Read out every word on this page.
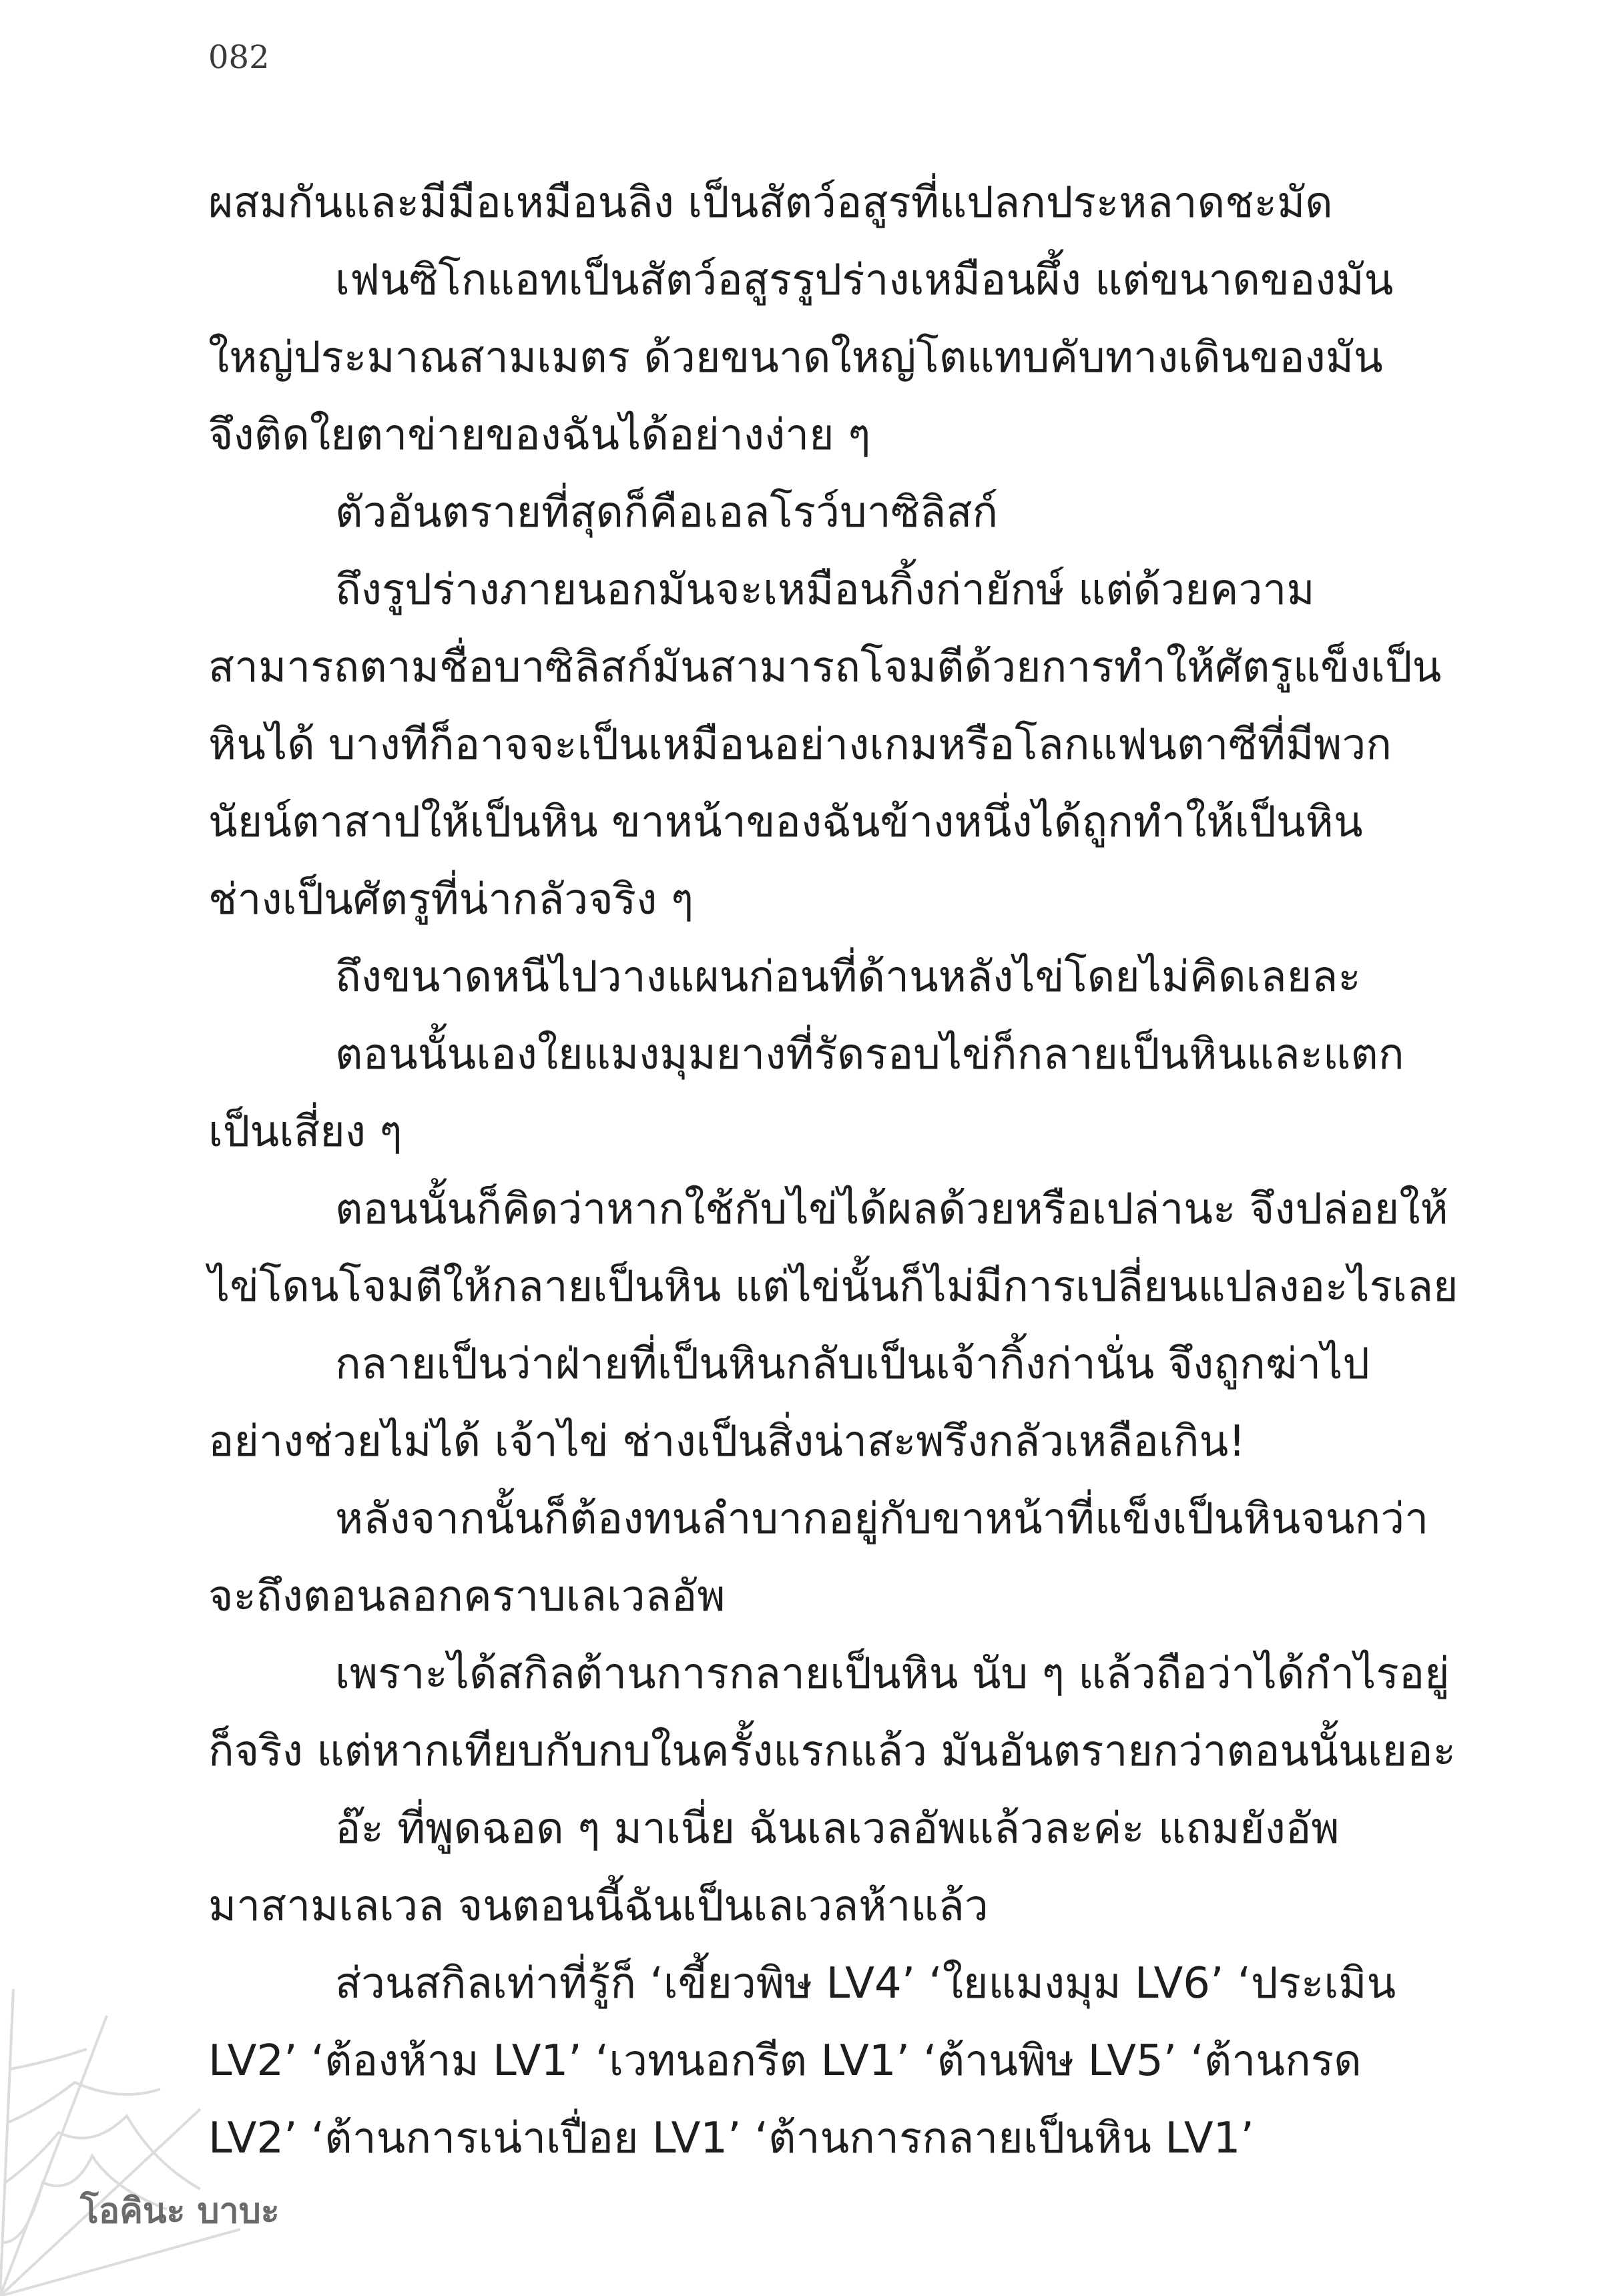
082
ผสมกันและมีมือเหมือนลิง เป็นสัตว์อสูรที่แปลกประหลาดชะมัด
เฟนซิโกแอทเป็นสัตว์อสูรรูปร่างเหมือนผึ้ง แต่ขนาดของมัน
ใหญ่ประมาณสามเมตร ด้วยขนาดใหญ่โตแทบคับทางเดินของมัน
จึงติดใยตาข่ายของฉันได้อย่างง่าย ๆ
ตัวอันตรายที่สุดก็คือเอลโรว์บาซิลิสก์
ถึงรูปร่างภายนอกมันจะเหมือนกิ้งก่ายักษ์ แต่ด้วยความ
สามารถตามชื่อบาซิลิสก์มันสามารถโจมตีด้วยการทำให้ศัตรูแข็งเป็น
หินได้ บางทีก็อาจจะเป็นเหมือนอย่างเกมหรือโลกแฟนตาซีที่มีพวก
นัยน์ตาสาปให้เป็นหิน ขาหน้าของฉันข้างหนึ่งได้ถูกทำให้เป็นหิน
ช่างเป็นศัตรูที่น่ากลัวจริง ๆ
ถึงขนาดหนีไปวางแผนก่อนที่ด้านหลังไข่โดยไม่คิดเลยละ
ตอนนั้นเองใยแมงมุมยางที่รัดรอบไข่ก็กลายเป็นหินและแตก
เป็นเสี่ยง ๆ
ตอนนั้นก็คิดว่าหากใช้กับไข่ได้ผลด้วยหรือเปล่านะ จึงปล่อยให้
ไข่โดนโจมตีให้กลายเป็นหิน แต่ไข่นั้นก็ไม่มีการเปลี่ยนแปลงอะไรเลย
กลายเป็นว่าฝ่ายที่เป็นหินกลับเป็นเจ้ากิ้งก่านั่น จึงถูกฆ่าไป
อย่างช่วยไม่ได้ เจ้าไข่ ช่างเป็นสิ่งน่าสะพรึงกลัวเหลือเกิน!
หลังจากนั้นก็ต้องทนลำบากอยู่กับขาหน้าที่แข็งเป็นหินจนกว่า
จะถึงตอนลอกคราบเลเวลอัพ
เพราะได้สกิลต้านการกลายเป็นหิน นับ ๆ แล้วถือว่าได้กำไรอยู่
ก็จริง แต่หากเทียบกับกบในครั้งแรกแล้ว มันอันตรายกว่าตอนนั้นเยอะ
อ๊ะ ที่พูดฉอด ๆ มาเนี่ย ฉันเลเวลอัพแล้วละค่ะ แถมยังอัพ
มาสามเลเวล จนตอนนี้ฉันเป็นเลเวลห้าแล้ว
ส่วนสกิลเท่าที่รู้ก็ ‘เขี้ยวพิษ LV4’ ‘ใยแมงมุม LV6’ ‘ประเมิน
LV2’ ‘ต้องห้าม LV1’ ‘เวทนอกรีต LV1’ ‘ต้านพิษ LV5’ ‘ต้านกรด
LV2’ ‘ต้านการเน่าเปื่อย LV1’ ‘ต้านการกลายเป็นหิน LV1’
โอคินะ บาบะ
